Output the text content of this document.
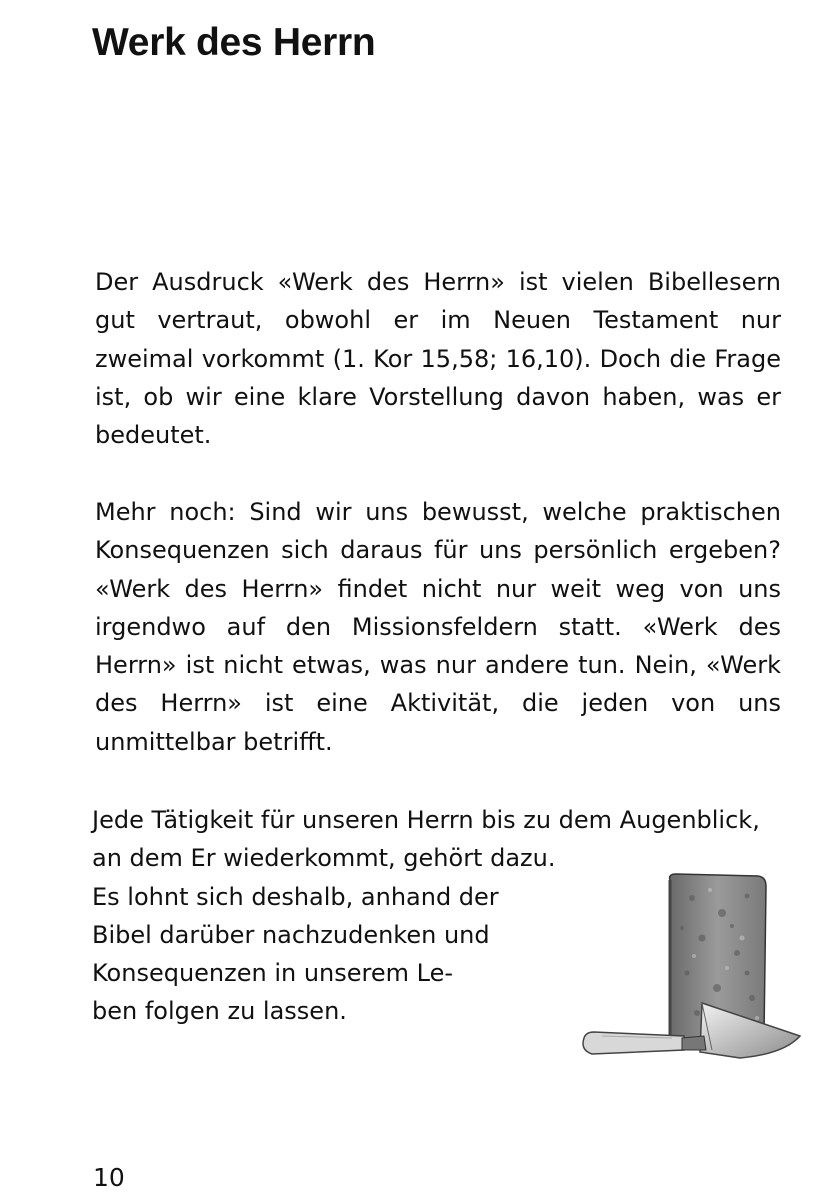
Werk des Herrn

Der Ausdruck «Werk des Herrn» ist vielen Bibellesern gut vertraut, obwohl er im Neuen Testament nur zweimal vorkommt (1. Kor 15,58; 16,10). Doch die Frage ist, ob wir eine klare Vorstellung davon haben, was er bedeutet.

Mehr noch: Sind wir uns bewusst, welche praktischen Konsequenzen sich daraus für uns persönlich ergeben? «Werk des Herrn» findet nicht nur weit weg von uns irgendwo auf den Missionsfeldern statt. «Werk des Herrn» ist nicht etwas, was nur andere tun. Nein, «Werk des Herrn» ist eine Aktivität, die jeden von uns unmittelbar betrifft.

Jede Tätigkeit für unseren Herrn bis zu dem Augenblick,
an dem Er wiederkommt, gehört dazu.
Es lohnt sich deshalb, anhand der
Bibel darüber nachzudenken und
Konsequenzen in unserem Le-
ben folgen zu lassen.

10
